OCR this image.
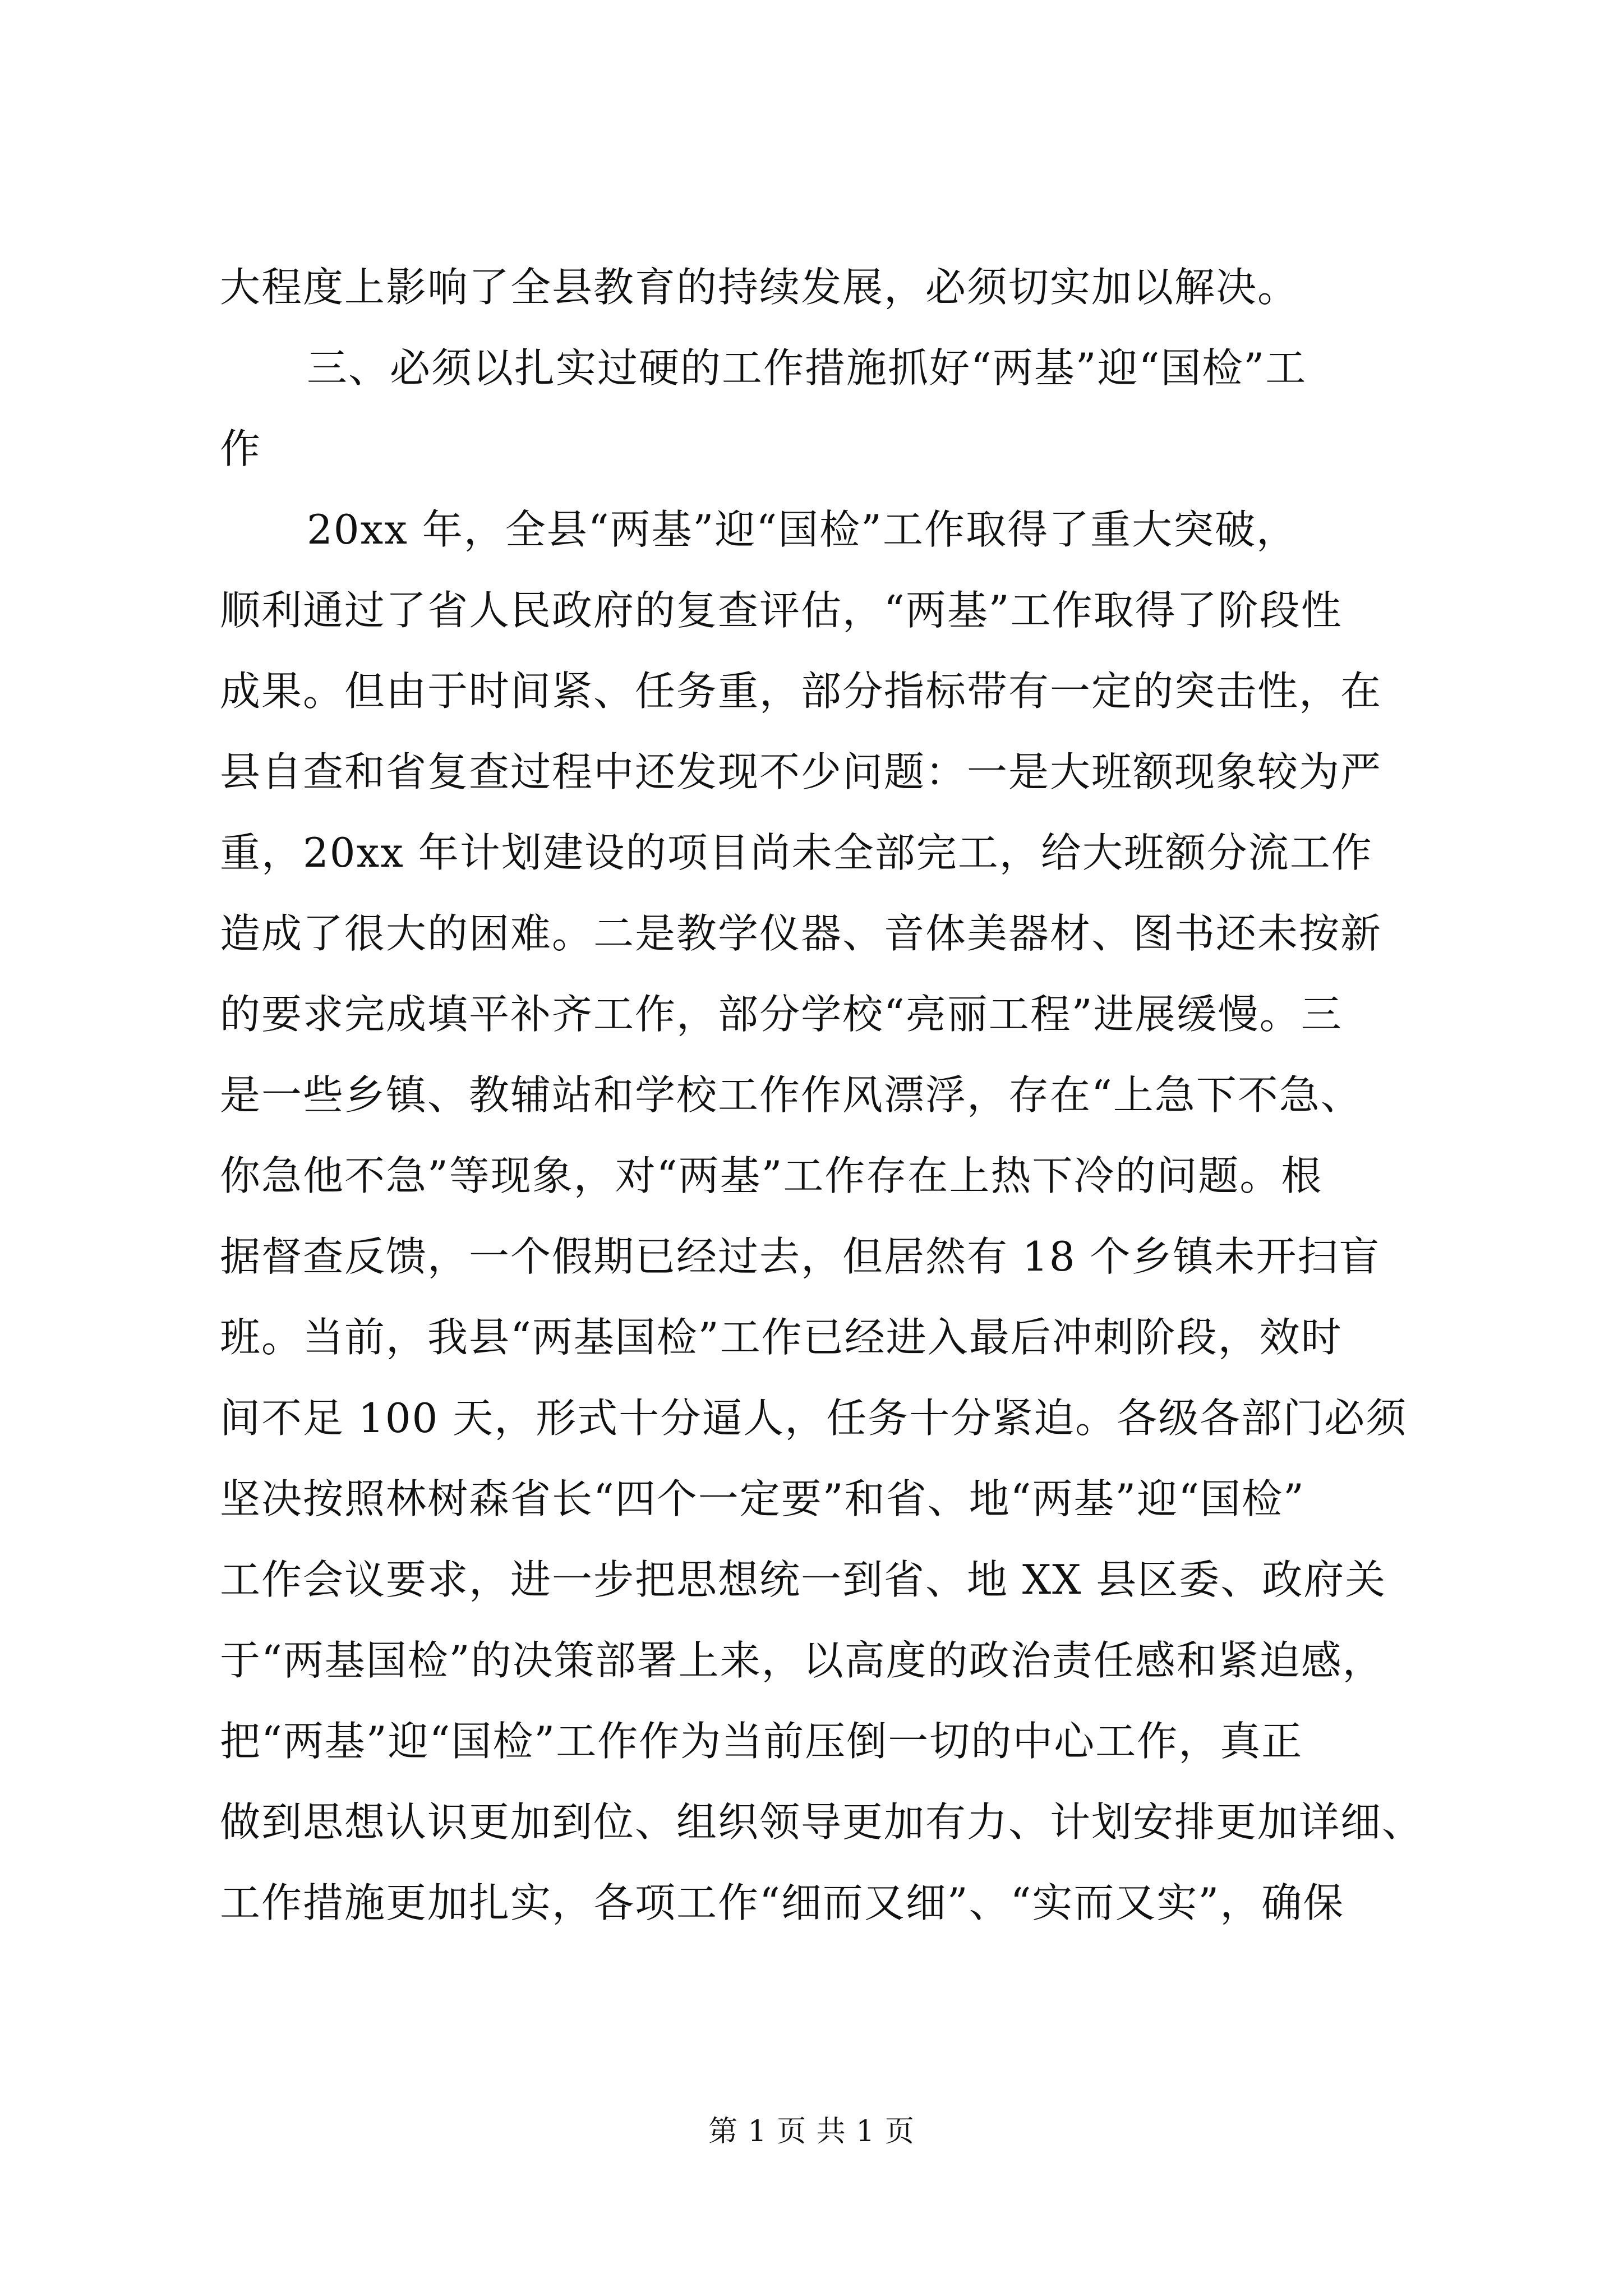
大程度上影响了全县教育的持续发展，必须切实加以解决。
三、必须以扎实过硬的工作措施抓好“两基”迎“国检”工
作
20xx 年，全县“两基”迎“国检”工作取得了重大突破，
顺利通过了省人民政府的复查评估，“两基”工作取得了阶段性
成果。但由于时间紧、任务重，部分指标带有一定的突击性，在
县自查和省复查过程中还发现不少问题：一是大班额现象较为严
重，20xx 年计划建设的项目尚未全部完工，给大班额分流工作
造成了很大的困难。二是教学仪器、音体美器材、图书还未按新
的要求完成填平补齐工作，部分学校“亮丽工程”进展缓慢。三
是一些乡镇、教辅站和学校工作作风漂浮，存在“上急下不急、
你急他不急”等现象，对“两基”工作存在上热下冷的问题。根
据督查反馈，一个假期已经过去，但居然有 18 个乡镇未开扫盲
班。当前，我县“两基国检”工作已经进入最后冲刺阶段，效时
间不足 100 天，形式十分逼人，任务十分紧迫。各级各部门必须
坚决按照林树森省长“四个一定要”和省、地“两基”迎“国检”
工作会议要求，进一步把思想统一到省、地 XX 县区委、政府关
于“两基国检”的决策部署上来，以高度的政治责任感和紧迫感，
把“两基”迎“国检”工作作为当前压倒一切的中心工作，真正
做到思想认识更加到位、组织领导更加有力、计划安排更加详细、
工作措施更加扎实，各项工作“细而又细”、“实而又实”，确保
第 1 页 共 1 页
